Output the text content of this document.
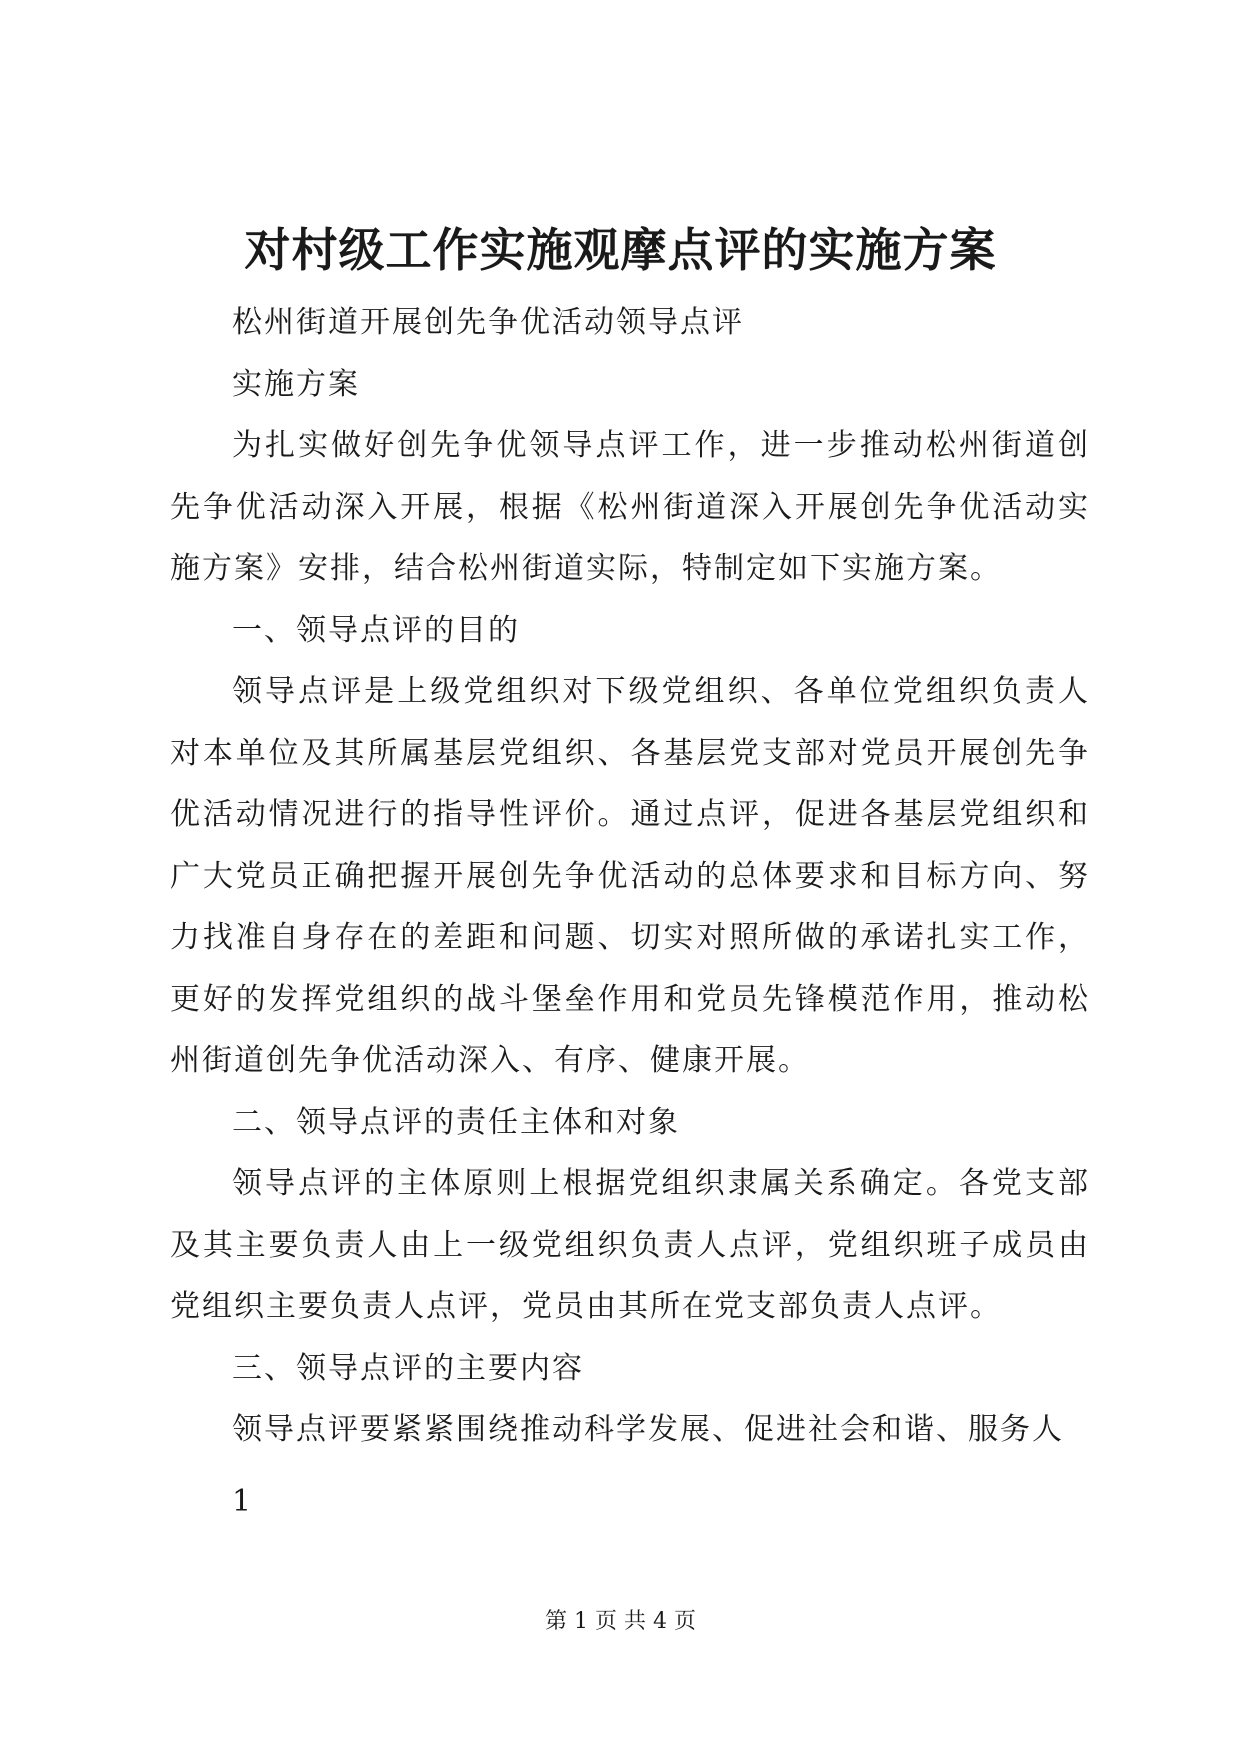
对村级工作实施观摩点评的实施方案

松州街道开展创先争优活动领导点评

实施方案

为扎实做好创先争优领导点评工作，进一步推动松州街道创先争优活动深入开展，根据《松州街道深入开展创先争优活动实施方案》安排，结合松州街道实际，特制定如下实施方案。

一、领导点评的目的

领导点评是上级党组织对下级党组织、各单位党组织负责人对本单位及其所属基层党组织、各基层党支部对党员开展创先争优活动情况进行的指导性评价。通过点评，促进各基层党组织和广大党员正确把握开展创先争优活动的总体要求和目标方向、努力找准自身存在的差距和问题、切实对照所做的承诺扎实工作，更好的发挥党组织的战斗堡垒作用和党员先锋模范作用，推动松州街道创先争优活动深入、有序、健康开展。

二、领导点评的责任主体和对象

领导点评的主体原则上根据党组织隶属关系确定。各党支部及其主要负责人由上一级党组织负责人点评，党组织班子成员由党组织主要负责人点评，党员由其所在党支部负责人点评。

三、领导点评的主要内容

领导点评要紧紧围绕推动科学发展、促进社会和谐、服务人

1
第 1 页 共 4 页
